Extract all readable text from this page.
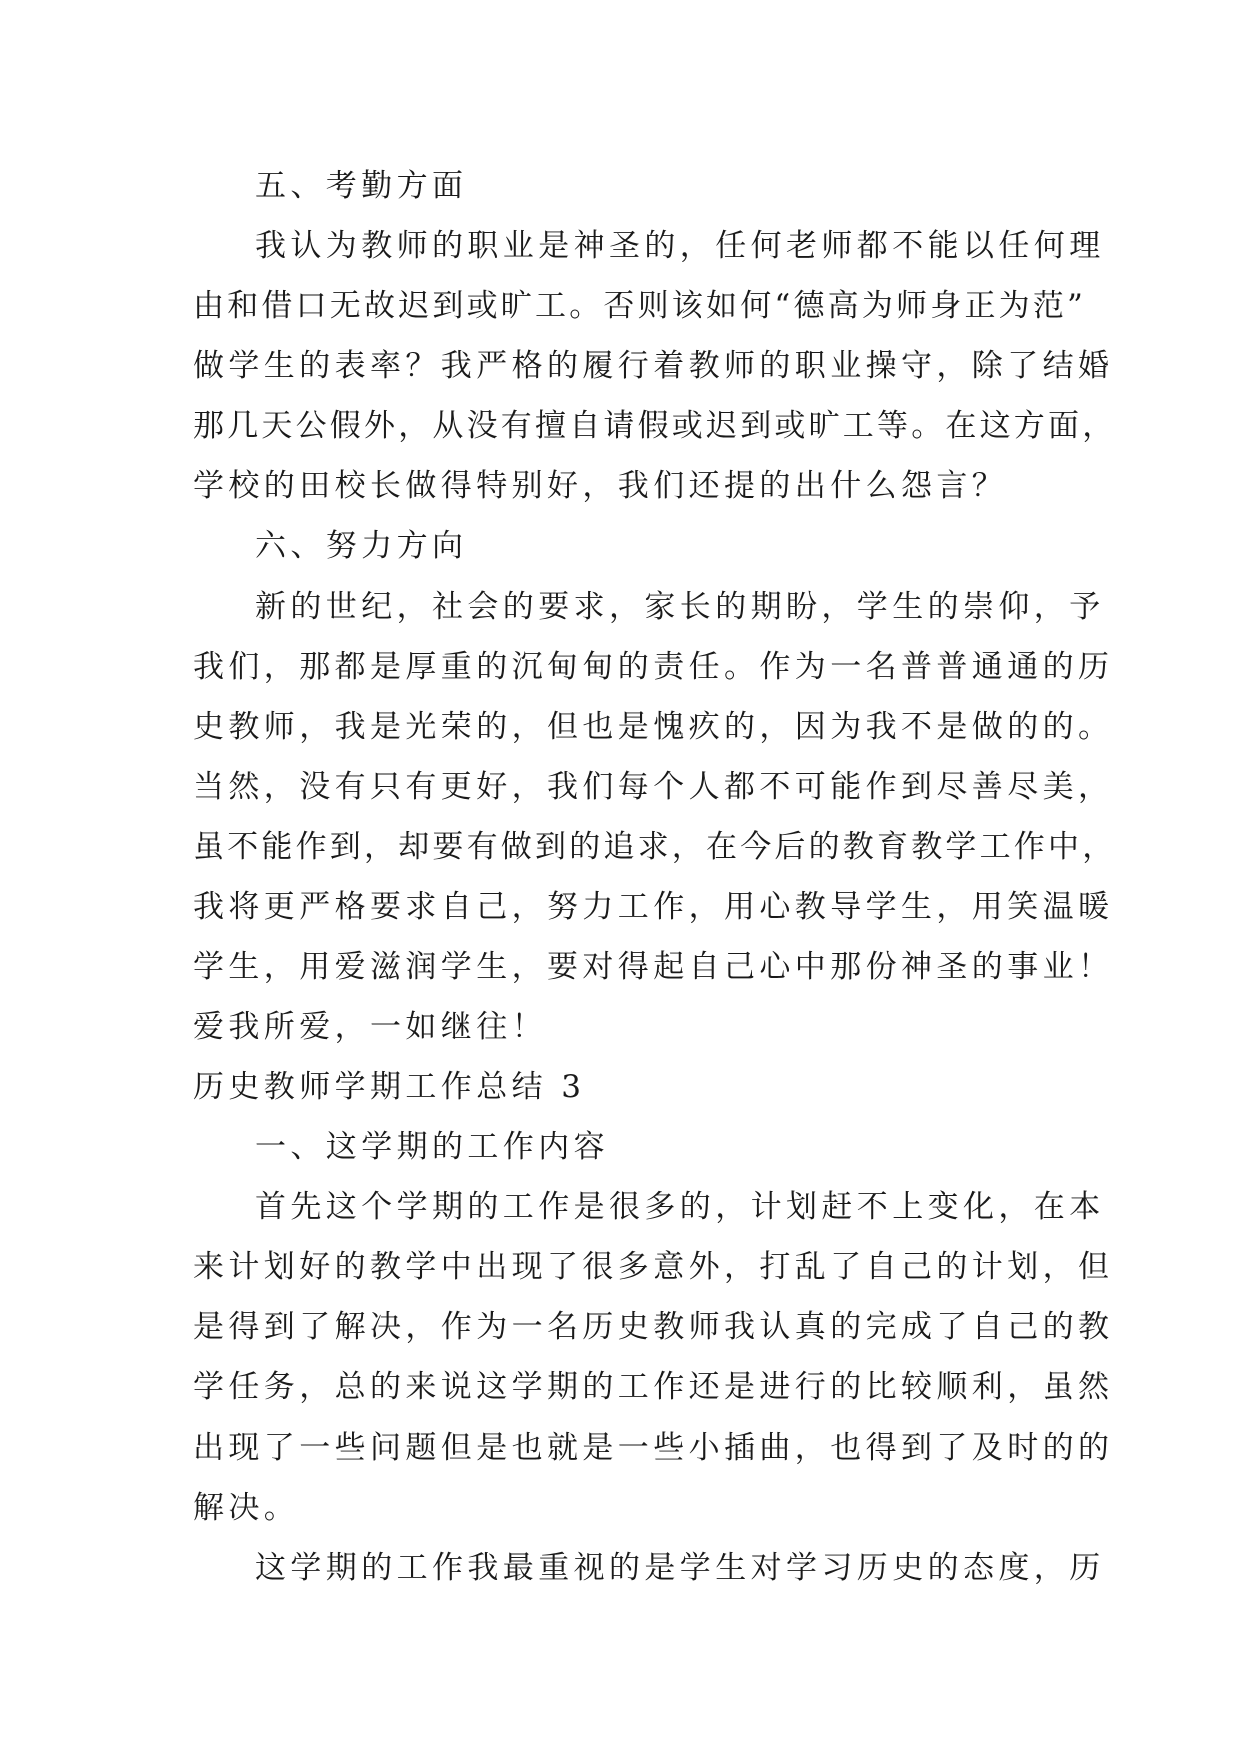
五、考勤方面
我认为教师的职业是神圣的，任何老师都不能以任何理
由和借口无故迟到或旷工。否则该如何“德高为师身正为范”
做学生的表率？我严格的履行着教师的职业操守，除了结婚
那几天公假外，从没有擅自请假或迟到或旷工等。在这方面，
学校的田校长做得特别好，我们还提的出什么怨言？
六、努力方向
新的世纪，社会的要求，家长的期盼，学生的崇仰，予
我们，那都是厚重的沉甸甸的责任。作为一名普普通通的历
史教师，我是光荣的，但也是愧疚的，因为我不是做的的。
当然，没有只有更好，我们每个人都不可能作到尽善尽美，
虽不能作到，却要有做到的追求，在今后的教育教学工作中，
我将更严格要求自己，努力工作，用心教导学生，用笑温暖
学生，用爱滋润学生，要对得起自己心中那份神圣的事业！
爱我所爱，一如继往！
历史教师学期工作总结 3
一、这学期的工作内容
首先这个学期的工作是很多的，计划赶不上变化，在本
来计划好的教学中出现了很多意外，打乱了自己的计划，但
是得到了解决，作为一名历史教师我认真的完成了自己的教
学任务，总的来说这学期的工作还是进行的比较顺利，虽然
出现了一些问题但是也就是一些小插曲，也得到了及时的的
解决。
这学期的工作我最重视的是学生对学习历史的态度，历
